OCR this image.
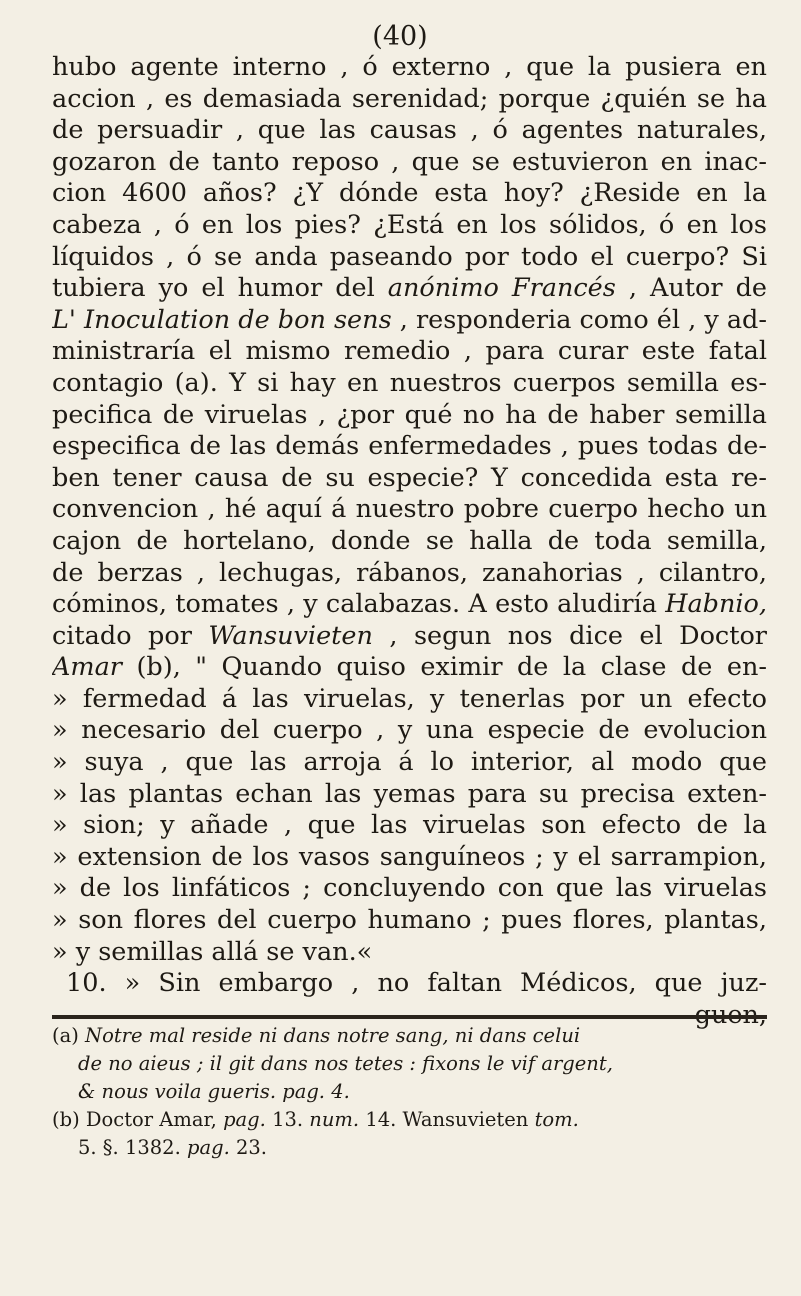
(40)
hubo agente interno , ó externo , que la pusiera en
accion , es demasiada serenidad; porque ¿quién se ha
de persuadir , que las causas , ó agentes naturales,
gozaron de tanto reposo , que se estuvieron en inac-
cion 4600 años? ¿Y dónde esta hoy? ¿Reside en la
cabeza , ó en los pies? ¿Está en los sólidos, ó en los
líquidos , ó se anda paseando por todo el cuerpo? Si
tubiera yo el humor del anónimo Francés , Autor de
L' Inoculation de bon sens , responderia como él , y ad-
ministraría el mismo remedio , para curar este fatal
contagio (a). Y si hay en nuestros cuerpos semilla es-
pecifica de viruelas , ¿por qué no ha de haber semilla
especifica de las demás enfermedades , pues todas de-
ben tener causa de su especie? Y concedida esta re-
convencion , hé aquí á nuestro pobre cuerpo hecho un
cajon de hortelano, donde se halla de toda semilla,
de berzas , lechugas, rábanos, zanahorias , cilantro,
cóminos, tomates , y calabazas. A esto aludiría Habnio,
citado por Wansuvieten , segun nos dice el Doctor
Amar (b), " Quando quiso eximir de la clase de en-
» fermedad á las viruelas, y tenerlas por un efecto
» necesario del cuerpo , y una especie de evolucion
» suya , que las arroja á lo interior, al modo que
» las plantas echan las yemas para su precisa exten-
» sion; y añade , que las viruelas son efecto de la
» extension de los vasos sanguíneos ; y el sarrampion,
» de los linfáticos ; concluyendo con que las viruelas
» son flores del cuerpo humano ; pues flores, plantas,
» y semillas allá se van.«
10. » Sin embargo , no faltan Médicos, que juz-
guen,
(a) Notre mal reside ni dans notre sang, ni dans celui
de no aieus ; il git dans nos tetes : fixons le vif argent,
& nous voila gueris. pag. 4.
(b) Doctor Amar, pag. 13. num. 14. Wansuvieten tom.
5. §. 1382. pag. 23.
